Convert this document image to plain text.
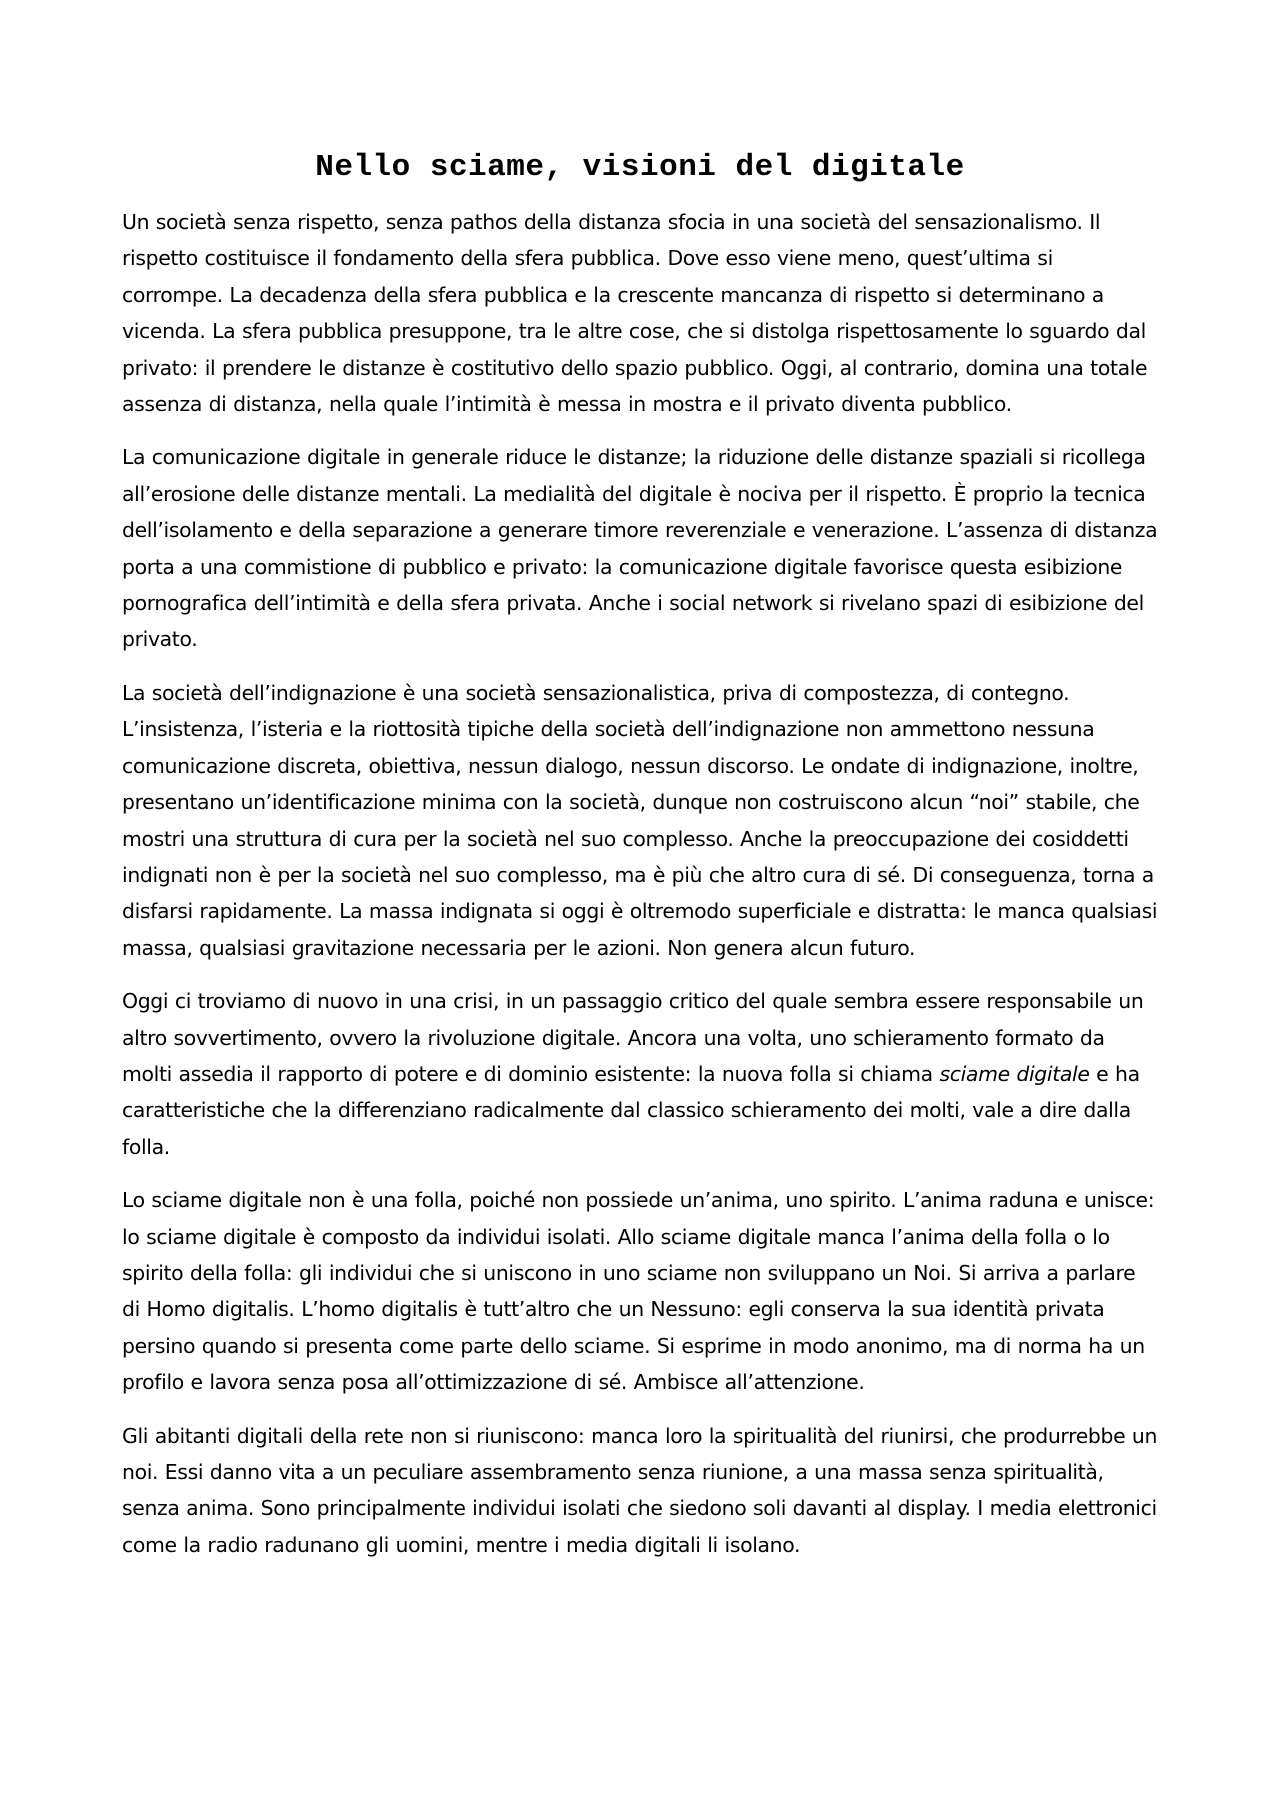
Nello sciame, visioni del digitale

Un società senza rispetto, senza pathos della distanza sfocia in una società del sensazionalismo. Il rispetto costituisce il fondamento della sfera pubblica. Dove esso viene meno, quest’ultima si corrompe. La decadenza della sfera pubblica e la crescente mancanza di rispetto si determinano a vicenda. La sfera pubblica presuppone, tra le altre cose, che si distolga rispettosamente lo sguardo dal privato: il prendere le distanze è costitutivo dello spazio pubblico. Oggi, al contrario, domina una totale assenza di distanza, nella quale l’intimità è messa in mostra e il privato diventa pubblico.

La comunicazione digitale in generale riduce le distanze; la riduzione delle distanze spaziali si ricollega all’erosione delle distanze mentali. La medialità del digitale è nociva per il rispetto. È proprio la tecnica dell’isolamento e della separazione a generare timore reverenziale e venerazione. L’assenza di distanza porta a una commistione di pubblico e privato: la comunicazione digitale favorisce questa esibizione pornografica dell’intimità e della sfera privata. Anche i social network si rivelano spazi di esibizione del privato.

La società dell’indignazione è una società sensazionalistica, priva di compostezza, di contegno. L’insistenza, l’isteria e la riottosità tipiche della società dell’indignazione non ammettono nessuna comunicazione discreta, obiettiva, nessun dialogo, nessun discorso. Le ondate di indignazione, inoltre, presentano un’identificazione minima con la società, dunque non costruiscono alcun “noi” stabile, che mostri una struttura di cura per la società nel suo complesso. Anche la preoccupazione dei cosiddetti indignati non è per la società nel suo complesso, ma è più che altro cura di sé. Di conseguenza, torna a disfarsi rapidamente. La massa indignata si oggi è oltremodo superficiale e distratta: le manca qualsiasi massa, qualsiasi gravitazione necessaria per le azioni. Non genera alcun futuro.

Oggi ci troviamo di nuovo in una crisi, in un passaggio critico del quale sembra essere responsabile un altro sovvertimento, ovvero la rivoluzione digitale. Ancora una volta, uno schieramento formato da molti assedia il rapporto di potere e di dominio esistente: la nuova folla si chiama sciame digitale e ha caratteristiche che la differenziano radicalmente dal classico schieramento dei molti, vale a dire dalla folla.

Lo sciame digitale non è una folla, poiché non possiede un’anima, uno spirito. L’anima raduna e unisce: lo sciame digitale è composto da individui isolati. Allo sciame digitale manca l’anima della folla o lo spirito della folla: gli individui che si uniscono in uno sciame non sviluppano un Noi. Si arriva a parlare di Homo digitalis. L’homo digitalis è tutt’altro che un Nessuno: egli conserva la sua identità privata persino quando si presenta come parte dello sciame. Si esprime in modo anonimo, ma di norma ha un profilo e lavora senza posa all’ottimizzazione di sé. Ambisce all’attenzione.

Gli abitanti digitali della rete non si riuniscono: manca loro la spiritualità del riunirsi, che produrrebbe un noi. Essi danno vita a un peculiare assembramento senza riunione, a una massa senza spiritualità, senza anima. Sono principalmente individui isolati che siedono soli davanti al display. I media elettronici come la radio radunano gli uomini, mentre i media digitali li isolano.
